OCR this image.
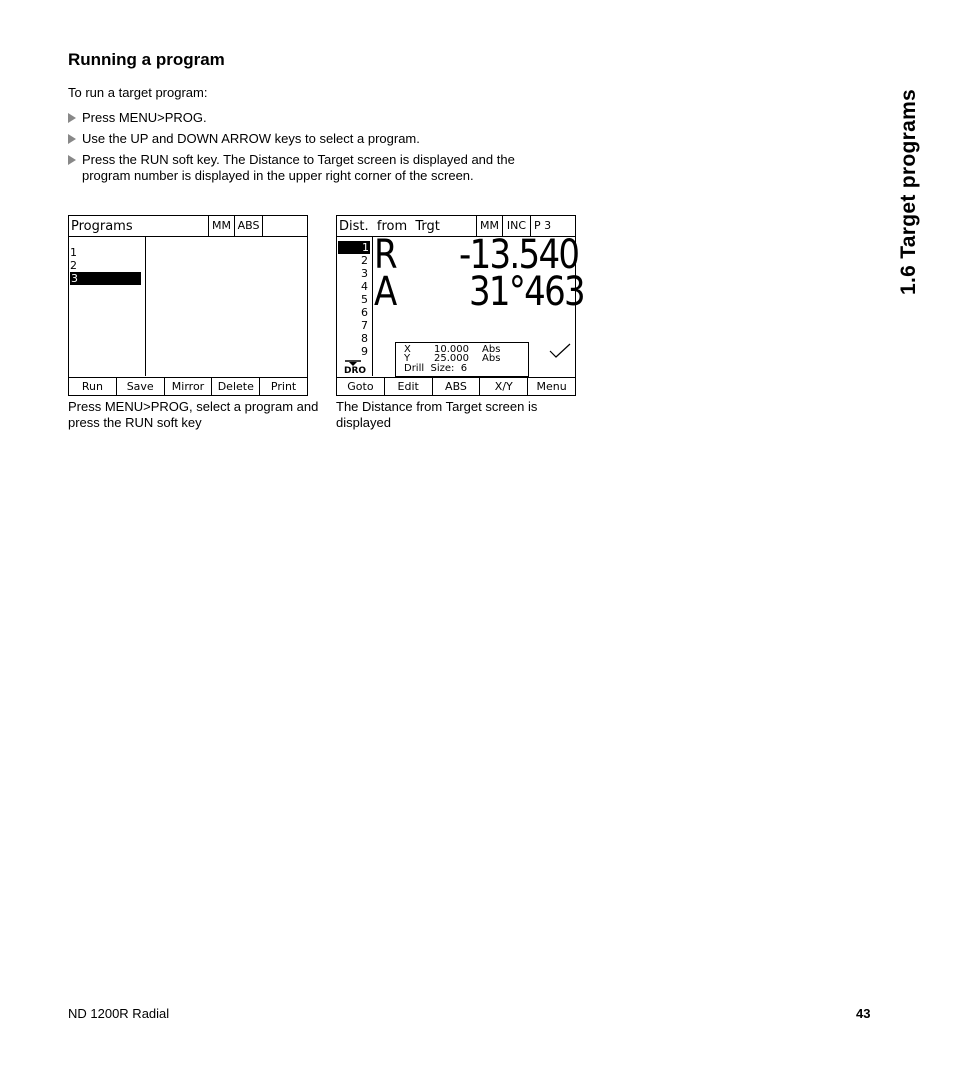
Running a program
To run a target program:
Press MENU>PROG.
Use the UP and DOWN ARROW keys to select a program.
Press the RUN soft key. The Distance to Target screen is displayed and the program number is displayed in the upper right corner of the screen.	1.6 Target programs
Programs	MM ABS
1
2
3
Run	Save	Mirror	Delete	Print
Press MENU>PROG, select a program and press the RUN soft key
Dist.  from  Trgt	MM INC P 3
1
2
3
4
5
6
7
8
9
DRO
R -13.540
A 31°463
X 10.000 Abs
Y 25.000 Abs
Drill  Size:  6
Goto	Edit	ABS	X/Y	Menu
The Distance from Target screen is displayed
ND 1200R Radial	43
